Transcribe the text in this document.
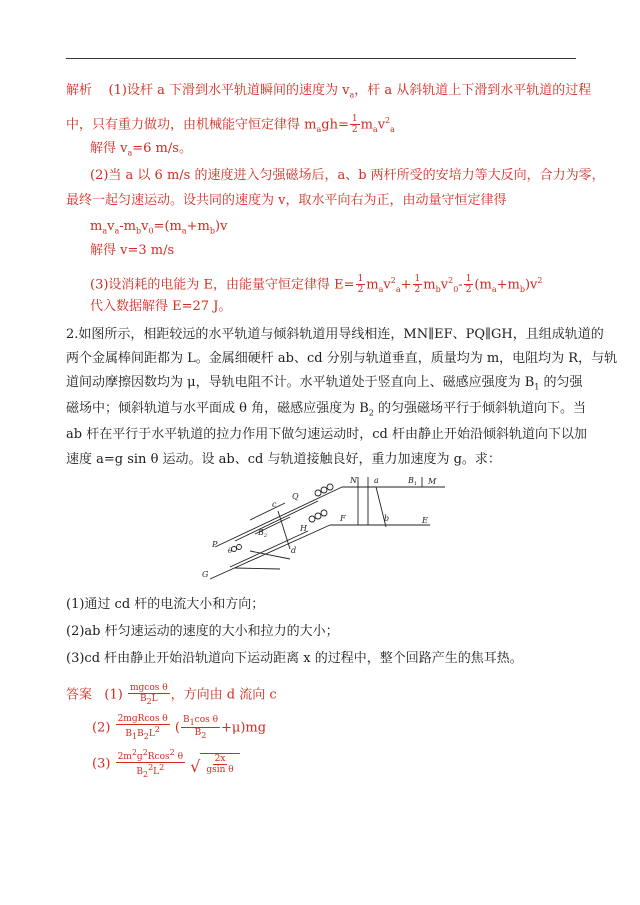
解析 (1)设杆 a 下滑到水平轨道瞬间的速度为 $v_a$，杆 a 从斜轨道上下滑到水平轨道的过程
中，只有重力做功，由机械能守恒定律得 $m_agh= \frac{1}{2} m_av^2_a$
解得 $v_a=6$ m/s。
(2)当 a 以 6 m/s 的速度进入匀强磁场后，a、b 两杆所受的安培力等大反向，合力为零，
最终一起匀速运动。设共同的速度为 v，取水平向右为正，由动量守恒定律得
$m_av_a-m_bv_0=(m_a+m_b)v$
解得 v=3 m/s
(3)设消耗的电能为 E，由能量守恒定律得 $E= \frac{1}{2} m_av^2_a+ \frac{1}{2} m_bv^2_0- \frac{1}{2} (m_a+m_b)v^2$
代入数据解得 E=27 J。
2.如图所示，相距较远的水平轨道与倾斜轨道用导线相连，MN∥EF、PQ∥GH，且组成轨道的
两个金属棒间距都为 L。金属细硬杆 ab、cd 分别与轨道垂直，质量均为 m，电阻均为 R，与轨
道间动摩擦因数均为 μ，导轨电阻不计。水平轨道处于竖直向上、磁感应强度为 $B_1$ 的匀强
磁场中；倾斜轨道与水平面成 θ 角，磁感应强度为 $B_2$ 的匀强磁场平行于倾斜轨道向下。当
ab 杆在平行于水平轨道的拉力作用下做匀速运动时，cd 杆由静止开始沿倾斜轨道向下以加
速度 a=g sin θ 运动。设 ab、cd 与轨道接触良好，重力加速度为 g。求：
N a	$B_1$ M
F	b	E
Q
c
H
$B_2$
P
θ	d
G
(1)通过 cd 杆的电流大小和方向；
(2)ab 杆匀速运动的速度的大小和拉力的大小；
(3)cd 杆由静止开始沿轨道向下运动距离 x 的过程中，整个回路产生的焦耳热。
答案 $(1) \frac{\text{mgcos θ}}{B_2L}$ ，方向由 d 流向 c
$(2) \frac{\text{2mgRcos θ}}{B_1B_2L^2}$ ( $\frac{B_1\cos \theta}{B_2} +\mu)mg$
$(3) \frac{2m^2g^2Rcos^2 \theta}{B_2^2L^2}$
√ $\frac{2x}{\text{gsin θ}}$
